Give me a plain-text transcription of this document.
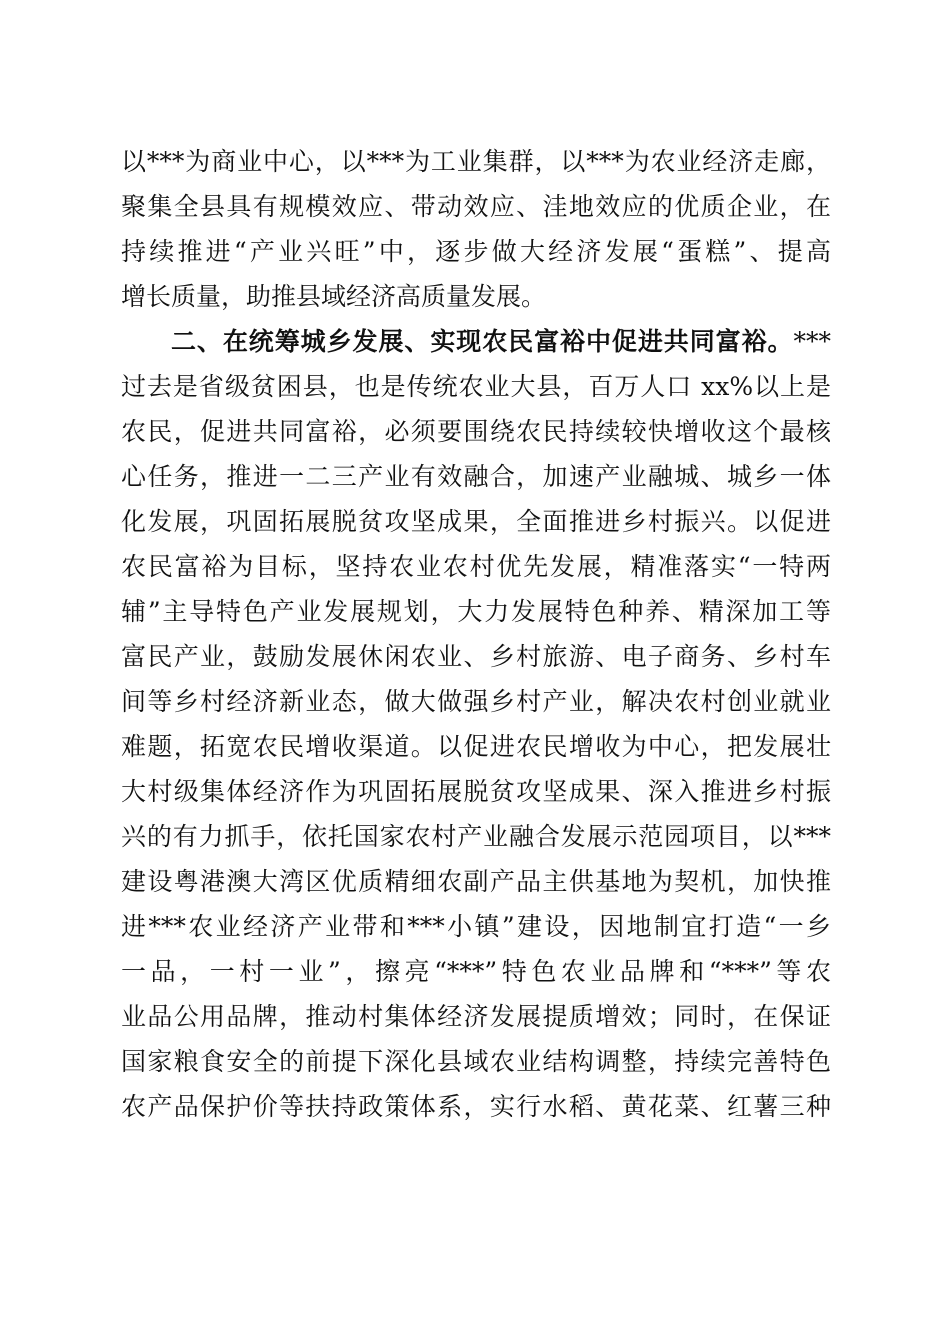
以***为商业中心，以***为工业集群，以***为农业经济走廊，
聚集全县具有规模效应、带动效应、洼地效应的优质企业，在
持续推进“产业兴旺”中，逐步做大经济发展“蛋糕”、提高
增长质量，助推县域经济高质量发展。
二、在统筹城乡发展、实现农民富裕中促进共同富裕。***
过去是省级贫困县，也是传统农业大县，百万人口 xx%以上是
农民，促进共同富裕，必须要围绕农民持续较快增收这个最核
心任务，推进一二三产业有效融合，加速产业融城、城乡一体
化发展，巩固拓展脱贫攻坚成果，全面推进乡村振兴。以促进
农民富裕为目标，坚持农业农村优先发展，精准落实“一特两
辅”主导特色产业发展规划，大力发展特色种养、精深加工等
富民产业，鼓励发展休闲农业、乡村旅游、电子商务、乡村车
间等乡村经济新业态，做大做强乡村产业，解决农村创业就业
难题，拓宽农民增收渠道。以促进农民增收为中心，把发展壮
大村级集体经济作为巩固拓展脱贫攻坚成果、深入推进乡村振
兴的有力抓手，依托国家农村产业融合发展示范园项目，以***
建设粤港澳大湾区优质精细农副产品主供基地为契机，加快推
进***农业经济产业带和***小镇”建设，因地制宜打造“一乡
一品，一村一业”，擦亮“***”特色农业品牌和“***”等农
业品公用品牌，推动村集体经济发展提质增效；同时，在保证
国家粮食安全的前提下深化县域农业结构调整，持续完善特色
农产品保护价等扶持政策体系，实行水稻、黄花菜、红薯三种
